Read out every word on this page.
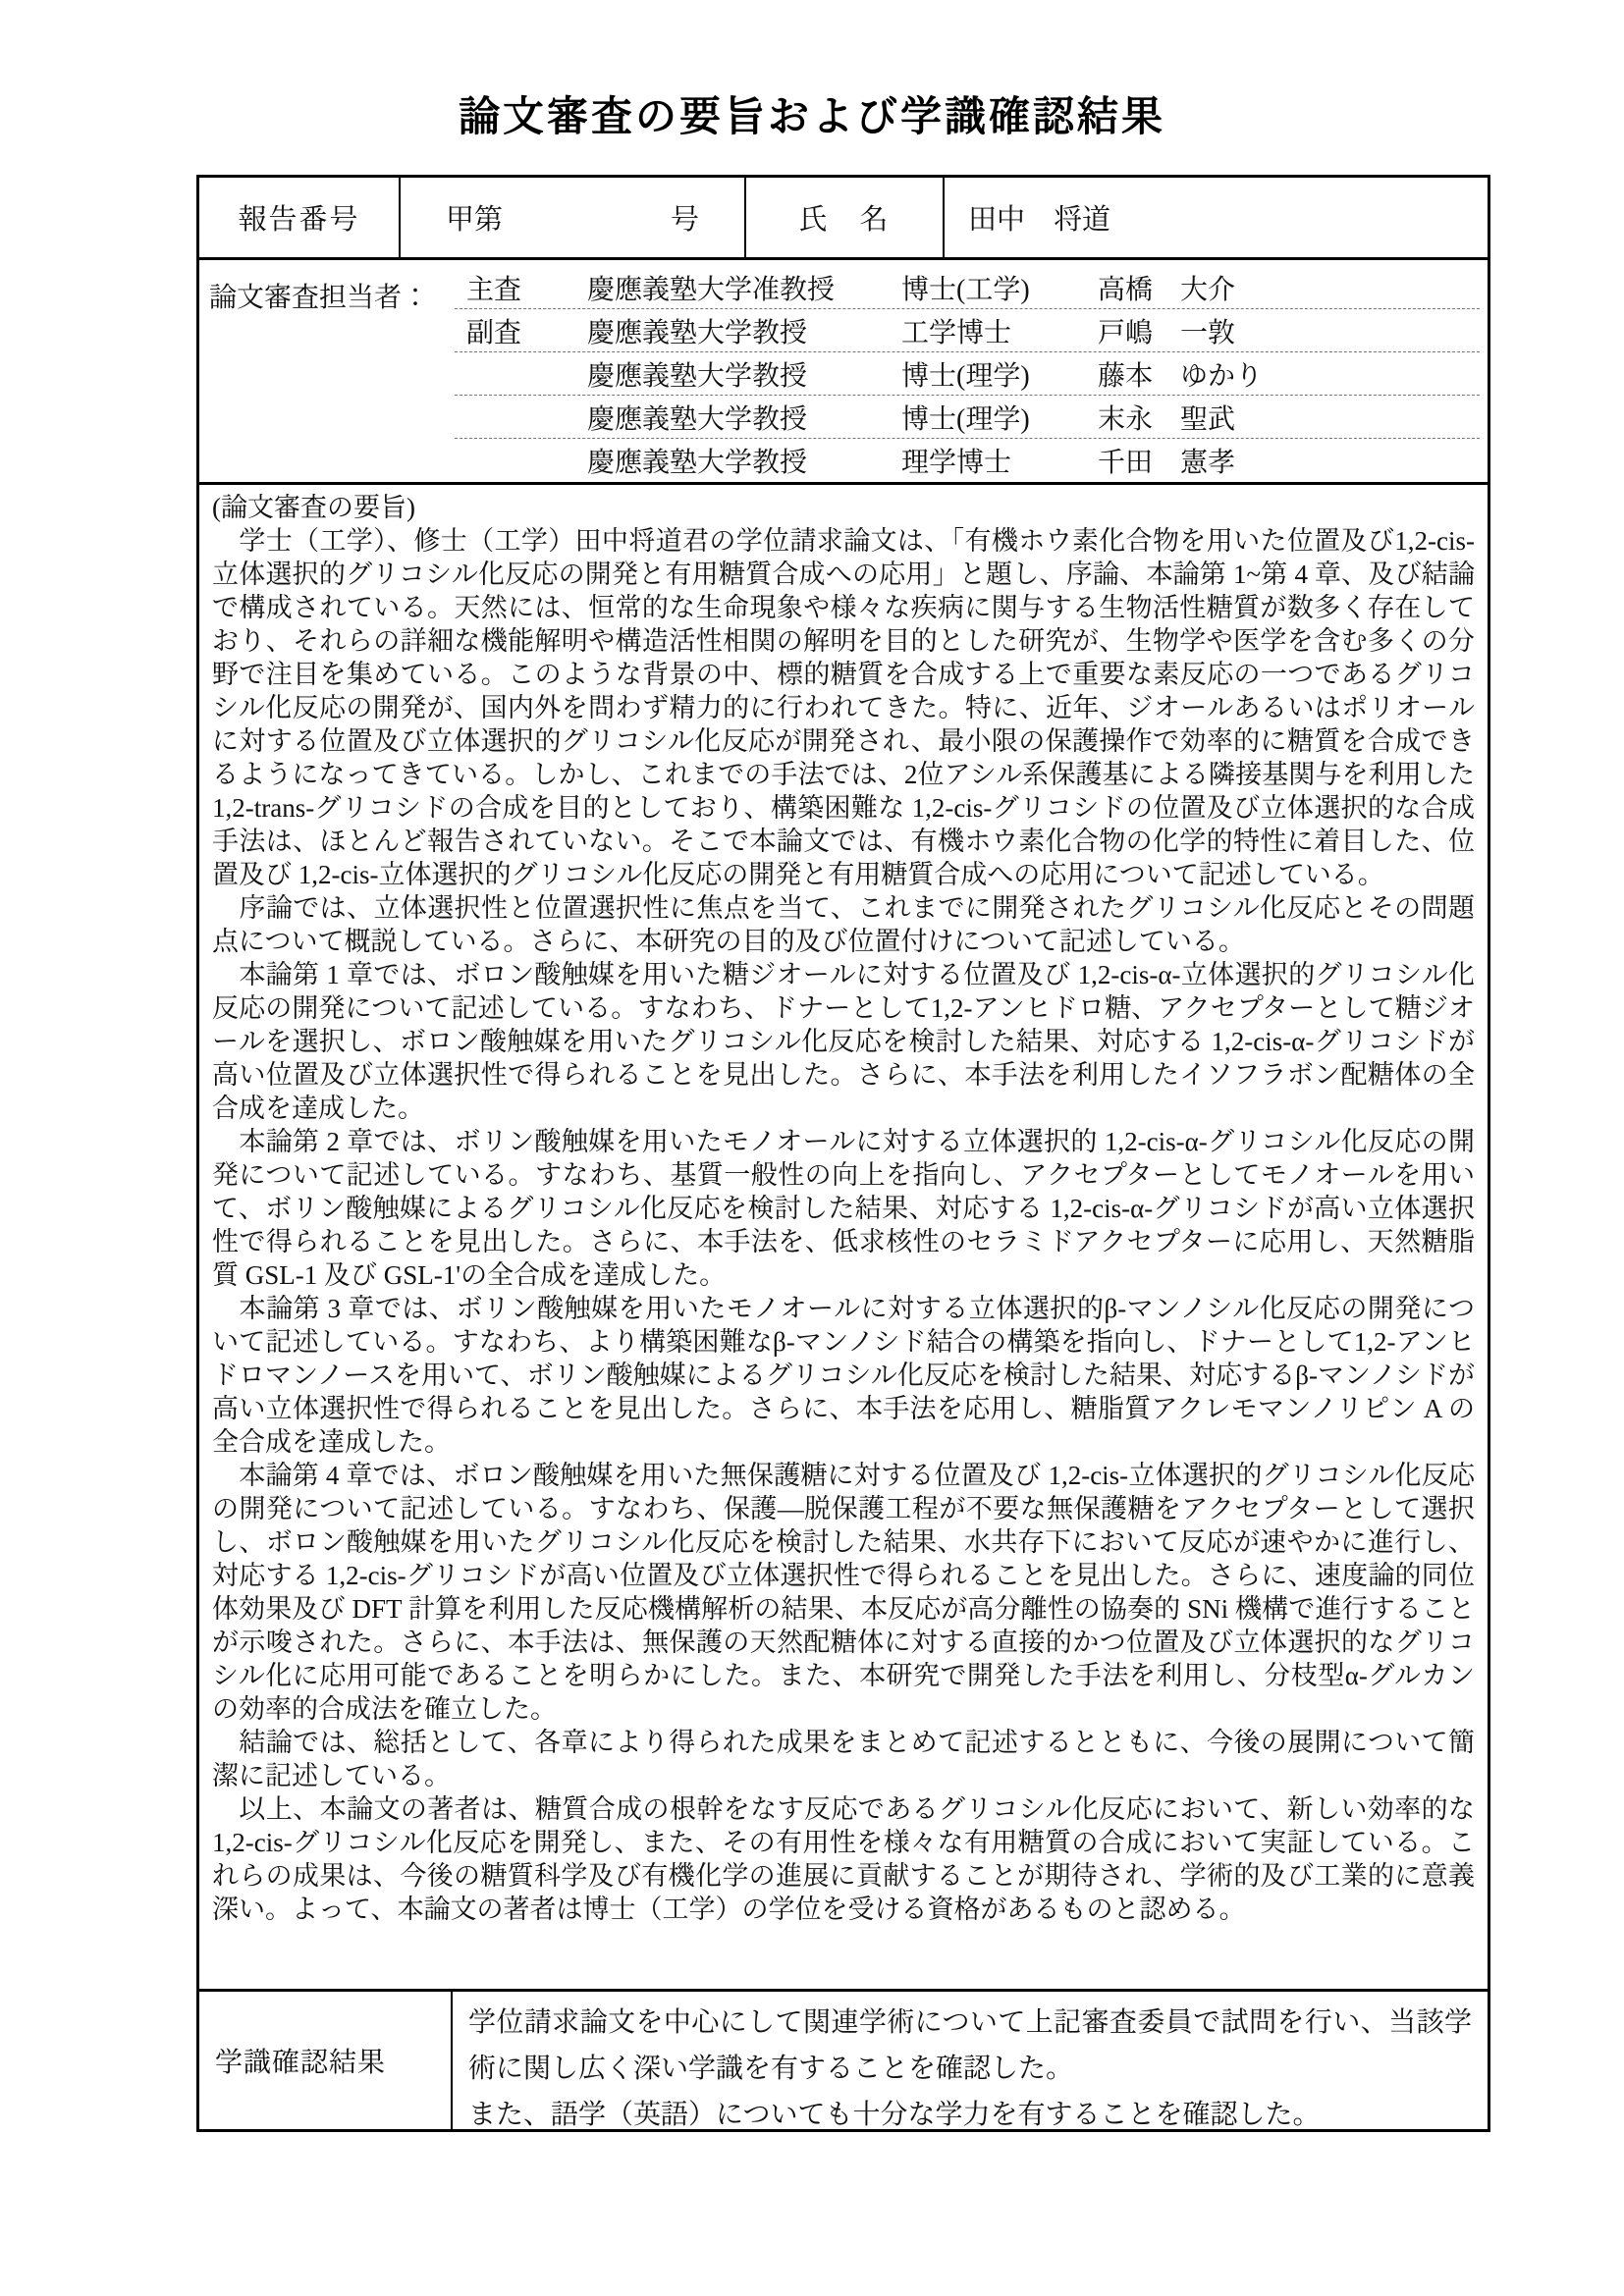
論文審査の要旨および学識確認結果
報告番号	甲第	号	氏　名	田中　将道
論文審査担当者：	主査	慶應義塾大学准教授	博士(工学)	高橋　大介
副査	慶應義塾大学教授	工学博士	戸嶋　一敦
慶應義塾大学教授	博士(理学)	藤本　ゆかり
慶應義塾大学教授	博士(理学)	末永　聖武
慶應義塾大学教授	理学博士	千田　憲孝
(論文審査の要旨)

　学士（工学）、修士（工学）田中将道君の学位請求論文は、「有機ホウ素化合物を用いた位置及び1,2-cis-立体選択的グリコシル化反応の開発と有用糖質合成への応用」と題し、序論、本論第 1~第 4 章、及び結論で構成されている。天然には、恒常的な生命現象や様々な疾病に関与する生物活性糖質が数多く存在しており、それらの詳細な機能解明や構造活性相関の解明を目的とした研究が、生物学や医学を含む多くの分野で注目を集めている。このような背景の中、標的糖質を合成する上で重要な素反応の一つであるグリコシル化反応の開発が、国内外を問わず精力的に行われてきた。特に、近年、ジオールあるいはポリオールに対する位置及び立体選択的グリコシル化反応が開発され、最小限の保護操作で効率的に糖質を合成できるようになってきている。しかし、これまでの手法では、2位アシル系保護基による隣接基関与を利用した1,2-trans-グリコシドの合成を目的としており、構築困難な 1,2-cis-グリコシドの位置及び立体選択的な合成手法は、ほとんど報告されていない。そこで本論文では、有機ホウ素化合物の化学的特性に着目した、位置及び 1,2-cis-立体選択的グリコシル化反応の開発と有用糖質合成への応用について記述している。

　序論では、立体選択性と位置選択性に焦点を当て、これまでに開発されたグリコシル化反応とその問題点について概説している。さらに、本研究の目的及び位置付けについて記述している。

　本論第 1 章では、ボロン酸触媒を用いた糖ジオールに対する位置及び 1,2-cis-α-立体選択的グリコシル化反応の開発について記述している。すなわち、ドナーとして1,2-アンヒドロ糖、アクセプターとして糖ジオールを選択し、ボロン酸触媒を用いたグリコシル化反応を検討した結果、対応する 1,2-cis-α-グリコシドが高い位置及び立体選択性で得られることを見出した。さらに、本手法を利用したイソフラボン配糖体の全合成を達成した。

　本論第 2 章では、ボリン酸触媒を用いたモノオールに対する立体選択的 1,2-cis-α-グリコシル化反応の開発について記述している。すなわち、基質一般性の向上を指向し、アクセプターとしてモノオールを用いて、ボリン酸触媒によるグリコシル化反応を検討した結果、対応する 1,2-cis-α-グリコシドが高い立体選択性で得られることを見出した。さらに、本手法を、低求核性のセラミドアクセプターに応用し、天然糖脂質 GSL-1 及び GSL-1'の全合成を達成した。

　本論第 3 章では、ボリン酸触媒を用いたモノオールに対する立体選択的β-マンノシル化反応の開発について記述している。すなわち、より構築困難なβ-マンノシド結合の構築を指向し、ドナーとして1,2-アンヒドロマンノースを用いて、ボリン酸触媒によるグリコシル化反応を検討した結果、対応するβ-マンノシドが高い立体選択性で得られることを見出した。さらに、本手法を応用し、糖脂質アクレモマンノリピン A の全合成を達成した。

　本論第 4 章では、ボロン酸触媒を用いた無保護糖に対する位置及び 1,2-cis-立体選択的グリコシル化反応の開発について記述している。すなわち、保護―脱保護工程が不要な無保護糖をアクセプターとして選択し、ボロン酸触媒を用いたグリコシル化反応を検討した結果、水共存下において反応が速やかに進行し、対応する 1,2-cis-グリコシドが高い位置及び立体選択性で得られることを見出した。さらに、速度論的同位体効果及び DFT 計算を利用した反応機構解析の結果、本反応が高分離性の協奏的 SNi 機構で進行することが示唆された。さらに、本手法は、無保護の天然配糖体に対する直接的かつ位置及び立体選択的なグリコシル化に応用可能であることを明らかにした。また、本研究で開発した手法を利用し、分枝型α-グルカンの効率的合成法を確立した。

　結論では、総括として、各章により得られた成果をまとめて記述するとともに、今後の展開について簡潔に記述している。

　以上、本論文の著者は、糖質合成の根幹をなす反応であるグリコシル化反応において、新しい効率的な1,2-cis-グリコシル化反応を開発し、また、その有用性を様々な有用糖質の合成において実証している。これらの成果は、今後の糖質科学及び有機化学の進展に貢献することが期待され、学術的及び工業的に意義深い。よって、本論文の著者は博士（工学）の学位を受ける資格があるものと認める。

学識確認結果
学位請求論文を中心にして関連学術について上記審査委員で試問を行い、当該学術に関し広く深い学識を有することを確認した。
また、語学（英語）についても十分な学力を有することを確認した。
